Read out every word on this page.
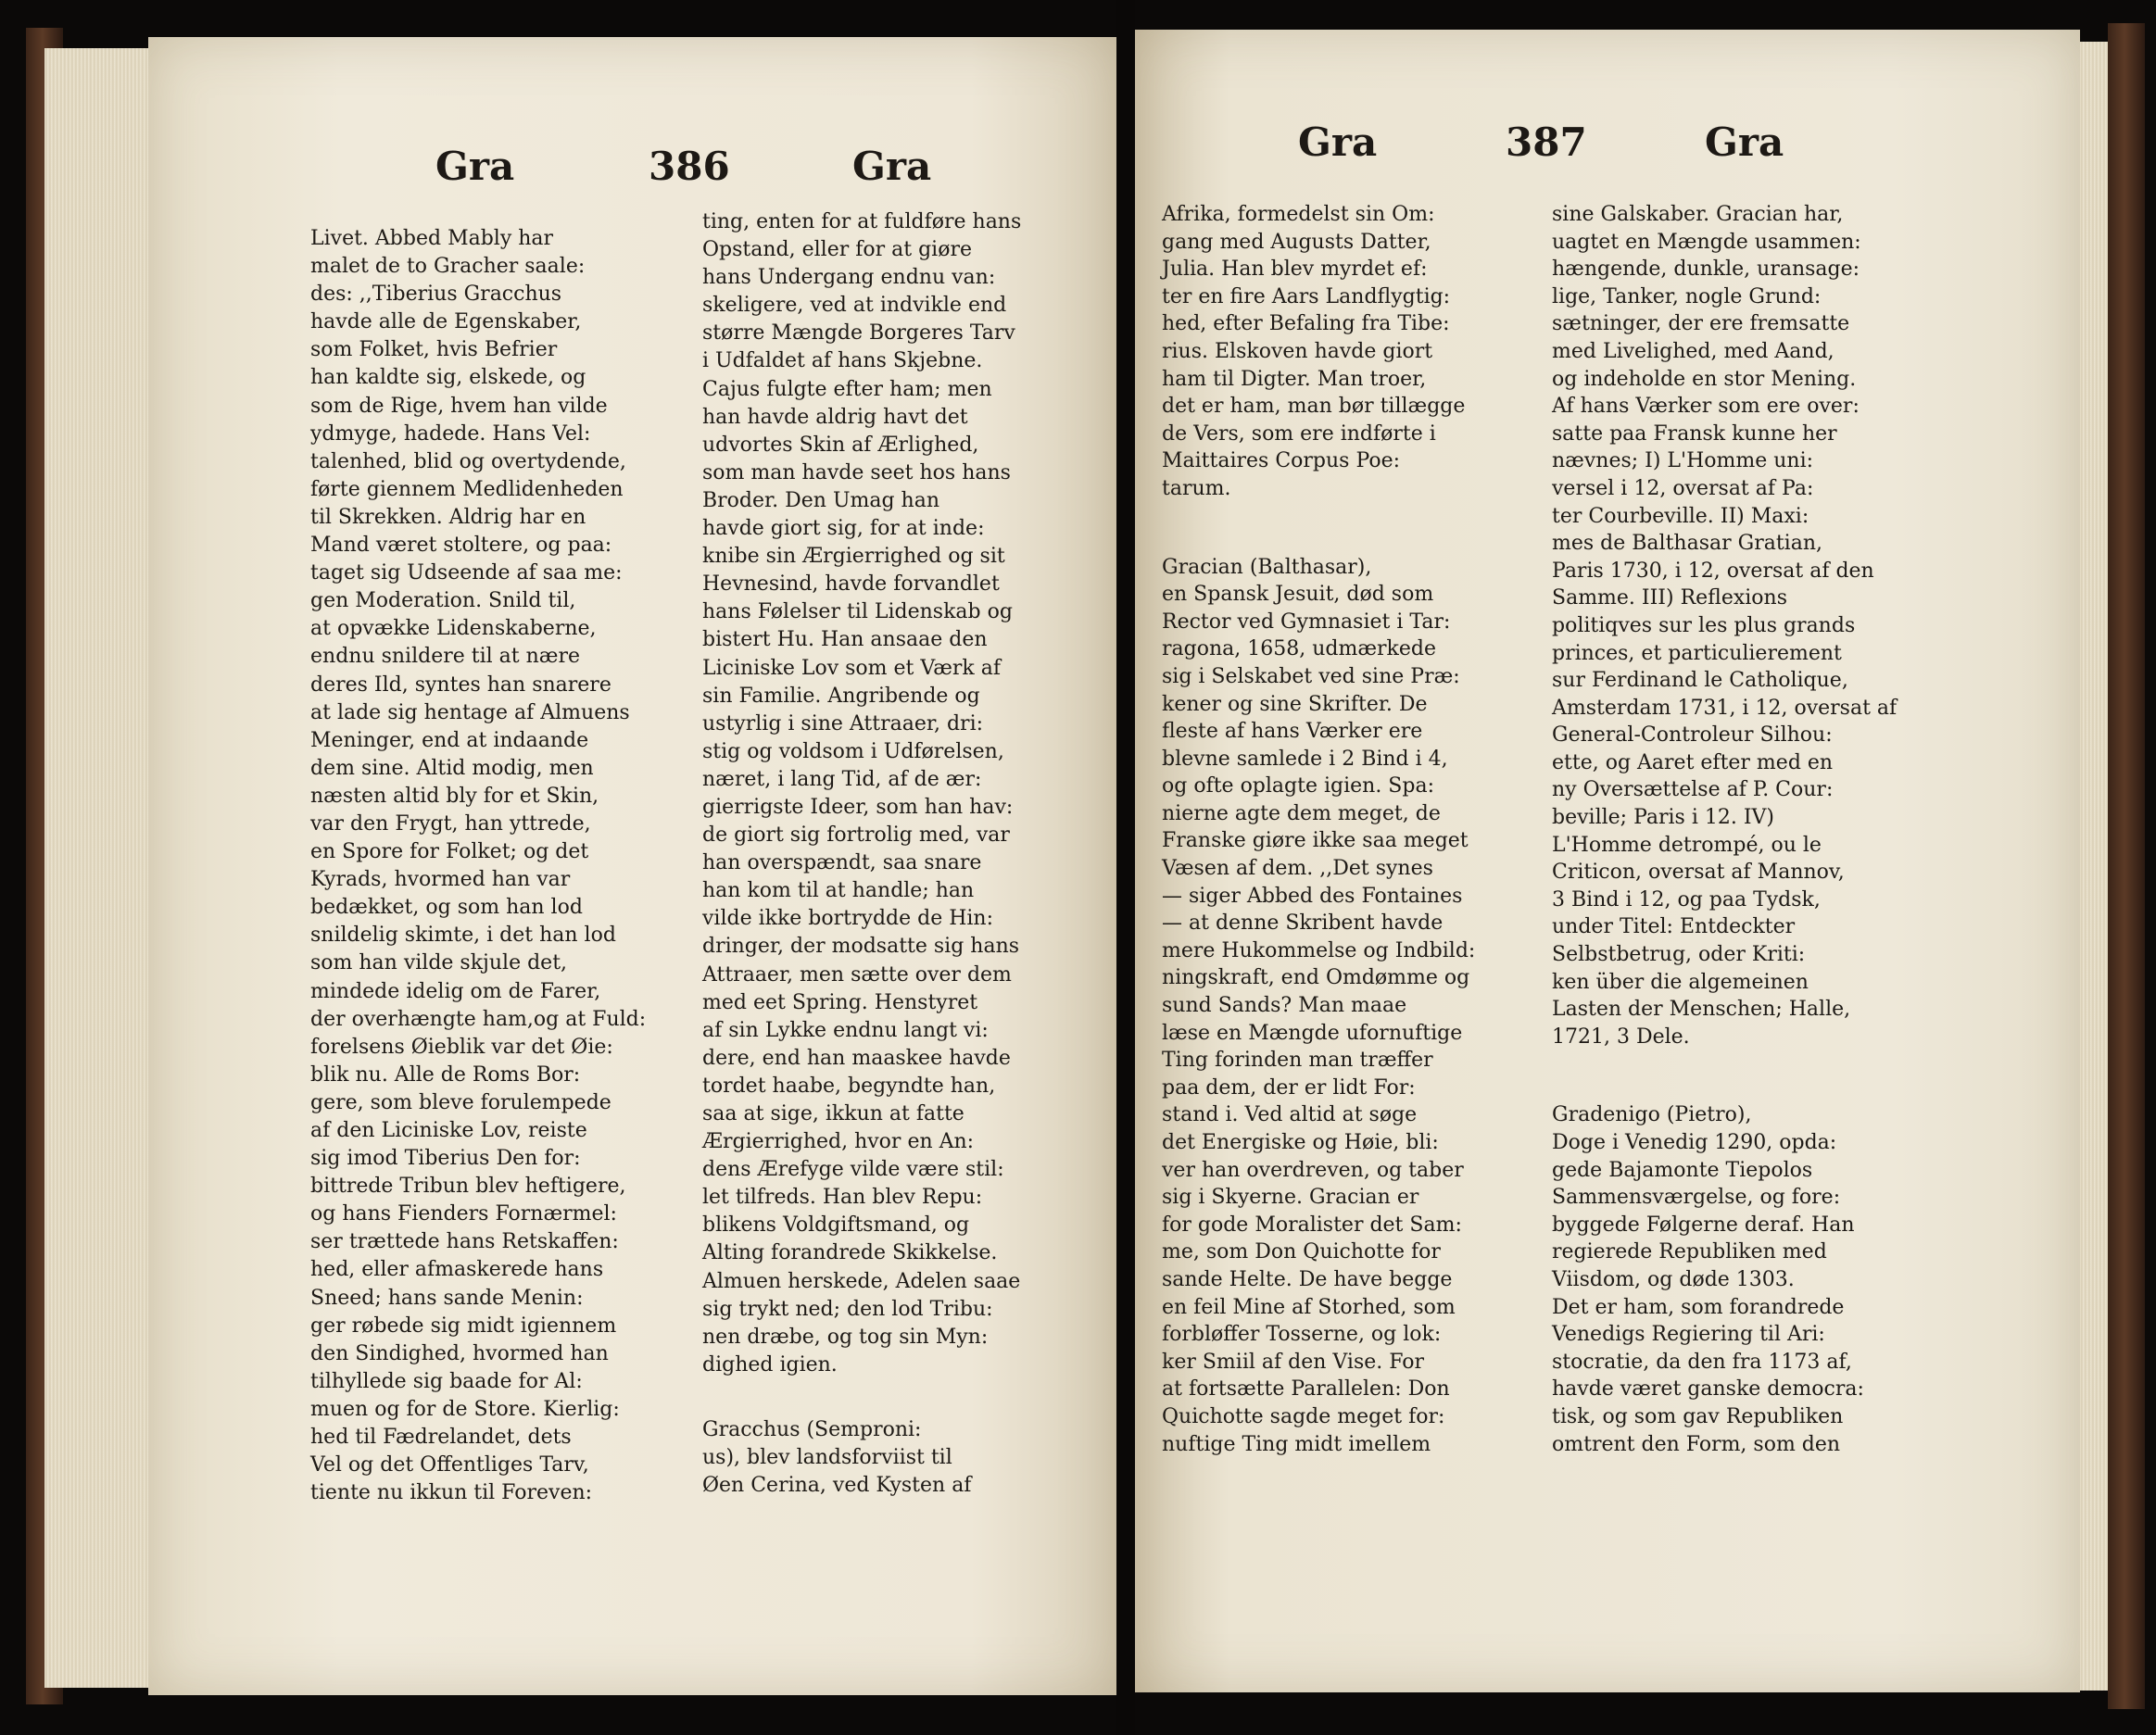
Gra	386	Gra
Livet. Abbed Mably har
malet de to Gracher saale:
des: ,,Tiberius Gracchus
havde alle de Egenskaber,
som Folket, hvis Befrier
han kaldte sig, elskede, og
som de Rige, hvem han vilde
ydmyge, hadede. Hans Vel:
talenhed, blid og overtydende,
førte giennem Medlidenheden
til Skrekken. Aldrig har en
Mand været stoltere, og paa:
taget sig Udseende af saa me:
gen Moderation. Snild til,
at opvække Lidenskaberne,
endnu snildere til at nære
deres Ild, syntes han snarere
at lade sig hentage af Almuens
Meninger, end at indaande
dem sine. Altid modig, men
næsten altid bly for et Skin,
var den Frygt, han yttrede,
en Spore for Folket; og det
Kyrads, hvormed han var
bedækket, og som han lod
snildelig skimte, i det han lod
som han vilde skjule det,
mindede idelig om de Farer,
der overhængte ham,og at Fuld:
forelsens Øieblik var det Øie:
blik nu. Alle de Roms Bor:
gere, som bleve forulempede
af den Liciniske Lov, reiste
sig imod Tiberius Den for:
bittrede Tribun blev heftigere,
og hans Fienders Fornærmel:
ser trættede hans Retskaffen:
hed, eller afmaskerede hans
Sneed; hans sande Menin:
ger røbede sig midt igiennem
den Sindighed, hvormed han
tilhyllede sig baade for Al:
muen og for de Store. Kierlig:
hed til Fædrelandet, dets
Vel og det Offentliges Tarv,
tiente nu ikkun til Foreven:
ting, enten for at fuldføre hans
Opstand, eller for at giøre
hans Undergang endnu van:
skeligere, ved at indvikle end
større Mængde Borgeres Tarv
i Udfaldet af hans Skjebne.
Cajus fulgte efter ham; men
han havde aldrig havt det
udvortes Skin af Ærlighed,
som man havde seet hos hans
Broder. Den Umag han
havde giort sig, for at inde:
knibe sin Ærgierrighed og sit
Hevnesind, havde forvandlet
hans Følelser til Lidenskab og
bistert Hu. Han ansaae den
Liciniske Lov som et Værk af
sin Familie. Angribende og
ustyrlig i sine Attraaer, dri:
stig og voldsom i Udførelsen,
næret, i lang Tid, af de ær:
gierrigste Ideer, som han hav:
de giort sig fortrolig med, var
han overspændt, saa snare
han kom til at handle; han
vilde ikke bortrydde de Hin:
dringer, der modsatte sig hans
Attraaer, men sætte over dem
med eet Spring. Henstyret
af sin Lykke endnu langt vi:
dere, end han maaskee havde
tordet haabe, begyndte han,
saa at sige, ikkun at fatte
Ærgierrighed, hvor en An:
dens Ærefyge vilde være stil:
let tilfreds. Han blev Repu:
blikens Voldgiftsmand, og
Alting forandrede Skikkelse.
Almuen herskede, Adelen saae
sig trykt ned; den lod Tribu:
nen dræbe, og tog sin Myn:
dighed igien.
Gracchus (Semproni:
us), blev landsforviist til
Øen Cerina, ved Kysten af
Gra	387	Gra
Afrika, formedelst sin Om:
gang med Augusts Datter,
Julia. Han blev myrdet ef:
ter en fire Aars Landflygtig:
hed, efter Befaling fra Tibe:
rius. Elskoven havde giort
ham til Digter. Man troer,
det er ham, man bør tillægge
de Vers, som ere indførte i
Maittaires Corpus Poe:
tarum.
Gracian (Balthasar),
en Spansk Jesuit, død som
Rector ved Gymnasiet i Tar:
ragona, 1658, udmærkede
sig i Selskabet ved sine Præ:
kener og sine Skrifter. De
fleste af hans Værker ere
blevne samlede i 2 Bind i 4,
og ofte oplagte igien. Spa:
nierne agte dem meget, de
Franske giøre ikke saa meget
Væsen af dem. ,,Det synes
— siger Abbed des Fontaines
— at denne Skribent havde
mere Hukommelse og Indbild:
ningskraft, end Omdømme og
sund Sands? Man maae
læse en Mængde ufornuftige
Ting forinden man træffer
paa dem, der er lidt For:
stand i. Ved altid at søge
det Energiske og Høie, bli:
ver han overdreven, og taber
sig i Skyerne. Gracian er
for gode Moralister det Sam:
me, som Don Quichotte for
sande Helte. De have begge
en feil Mine af Storhed, som
forbløffer Tosserne, og lok:
ker Smiil af den Vise. For
at fortsætte Parallelen: Don
Quichotte sagde meget for:
nuftige Ting midt imellem
sine Galskaber. Gracian har,
uagtet en Mængde usammen:
hængende, dunkle, uransage:
lige, Tanker, nogle Grund:
sætninger, der ere fremsatte
med Livelighed, med Aand,
og indeholde en stor Mening.
Af hans Værker som ere over:
satte paa Fransk kunne her
nævnes; I) L'Homme uni:
versel i 12, oversat af Pa:
ter Courbeville. II) Maxi:
mes de Balthasar Gratian,
Paris 1730, i 12, oversat af den
Samme. III) Reflexions
politiqves sur les plus grands
princes, et particulierement
sur Ferdinand le Catholique,
Amsterdam 1731, i 12, oversat af
General-Controleur Silhou:
ette, og Aaret efter med en
ny Oversættelse af P. Cour:
beville; Paris i 12. IV)
L'Homme detrompé, ou le
Criticon, oversat af Mannov,
3 Bind i 12, og paa Tydsk,
under Titel: Entdeckter
Selbstbetrug, oder Kriti:
ken über die algemeinen
Lasten der Menschen; Halle,
1721, 3 Dele.
Gradenigo (Pietro),
Doge i Venedig 1290, opda:
gede Bajamonte Tiepolos
Sammensværgelse, og fore:
byggede Følgerne deraf. Han
regierede Republiken med
Viisdom, og døde 1303.
Det er ham, som forandrede
Venedigs Regiering til Ari:
stocratie, da den fra 1173 af,
havde været ganske democra:
tisk, og som gav Republiken
omtrent den Form, som den
